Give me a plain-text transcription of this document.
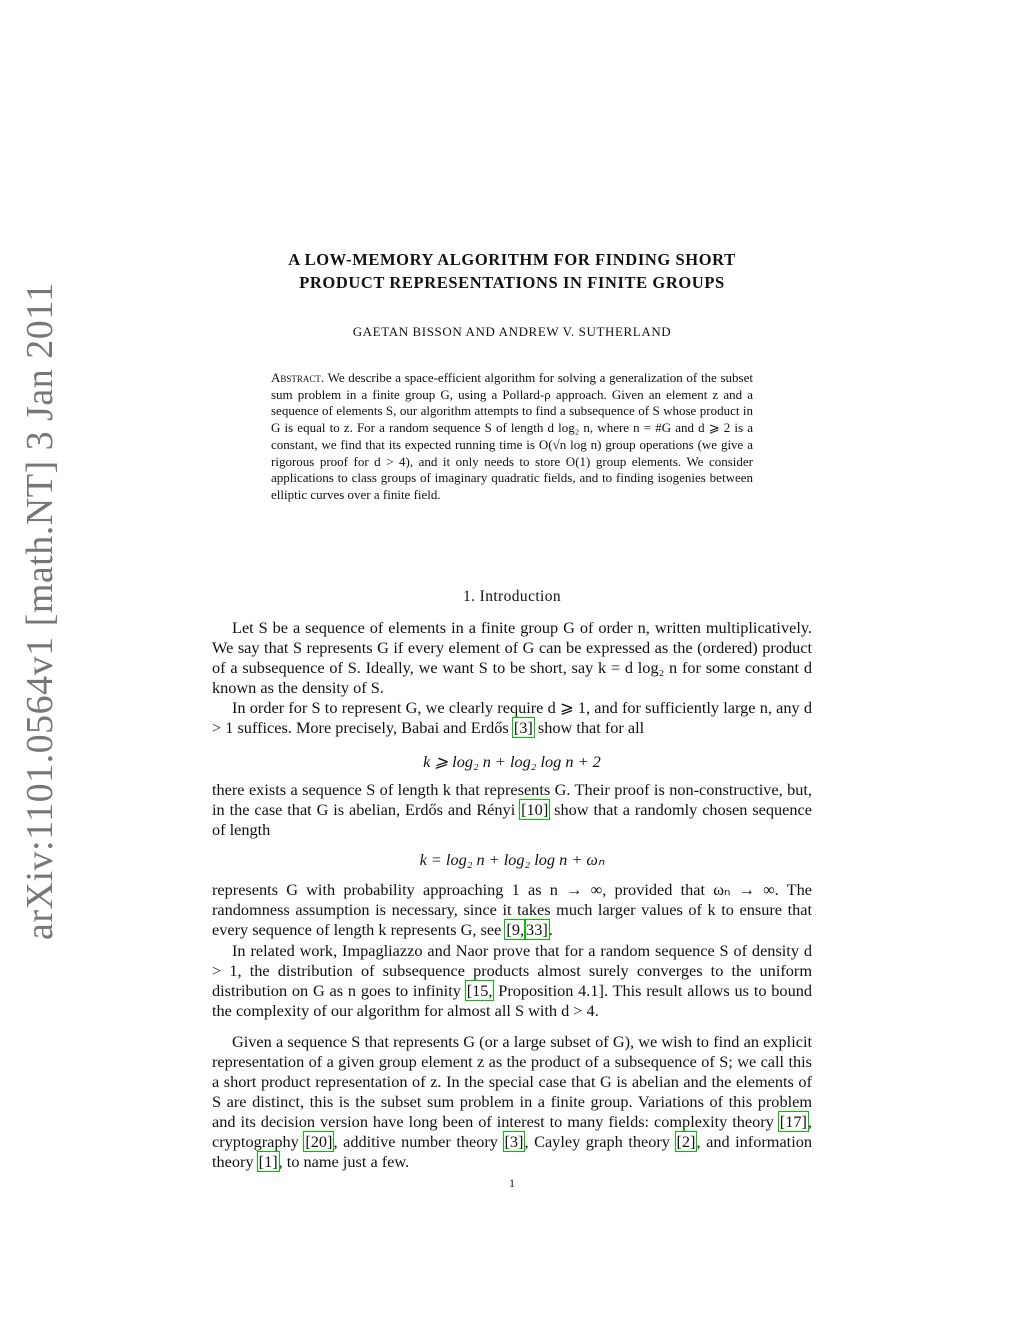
arXiv:1101.0564v1 [math.NT] 3 Jan 2011
A LOW-MEMORY ALGORITHM FOR FINDING SHORT
PRODUCT REPRESENTATIONS IN FINITE GROUPS
GAETAN BISSON AND ANDREW V. SUTHERLAND
Abstract. We describe a space-efficient algorithm for solving a generalization of the subset sum problem in a finite group G, using a Pollard-ρ approach. Given an element z and a sequence of elements S, our algorithm attempts to find a subsequence of S whose product in G is equal to z. For a random sequence S of length d log₂ n, where n = #G and d ⩾ 2 is a constant, we find that its expected running time is O(√n log n) group operations (we give a rigorous proof for d > 4), and it only needs to store O(1) group elements. We consider applications to class groups of imaginary quadratic fields, and to finding isogenies between elliptic curves over a finite field.
1. Introduction

Let S be a sequence of elements in a finite group G of order n, written multiplicatively. We say that S represents G if every element of G can be expressed as the (ordered) product of a subsequence of S. Ideally, we want S to be short, say k = d log₂ n for some constant d known as the density of S.

In order for S to represent G, we clearly require d ⩾ 1, and for sufficiently large n, any d > 1 suffices. More precisely, Babai and Erdős [3] show that for all

k ⩾ log₂ n + log₂ log n + 2

there exists a sequence S of length k that represents G. Their proof is non-constructive, but, in the case that G is abelian, Erdős and Rényi [10] show that a randomly chosen sequence of length

k = log₂ n + log₂ log n + ωₙ

represents G with probability approaching 1 as n → ∞, provided that ωₙ → ∞. The randomness assumption is necessary, since it takes much larger values of k to ensure that every sequence of length k represents G, see [9, 33].

In related work, Impagliazzo and Naor prove that for a random sequence S of density d > 1, the distribution of subsequence products almost surely converges to the uniform distribution on G as n goes to infinity [15, Proposition 4.1]. This result allows us to bound the complexity of our algorithm for almost all S with d > 4.

Given a sequence S that represents G (or a large subset of G), we wish to find an explicit representation of a given group element z as the product of a subsequence of S; we call this a short product representation of z. In the special case that G is abelian and the elements of S are distinct, this is the subset sum problem in a finite group. Variations of this problem and its decision version have long been of interest to many fields: complexity theory [17], cryptography [20], additive number theory [3], Cayley graph theory [2], and information theory [1], to name just a few.

1
